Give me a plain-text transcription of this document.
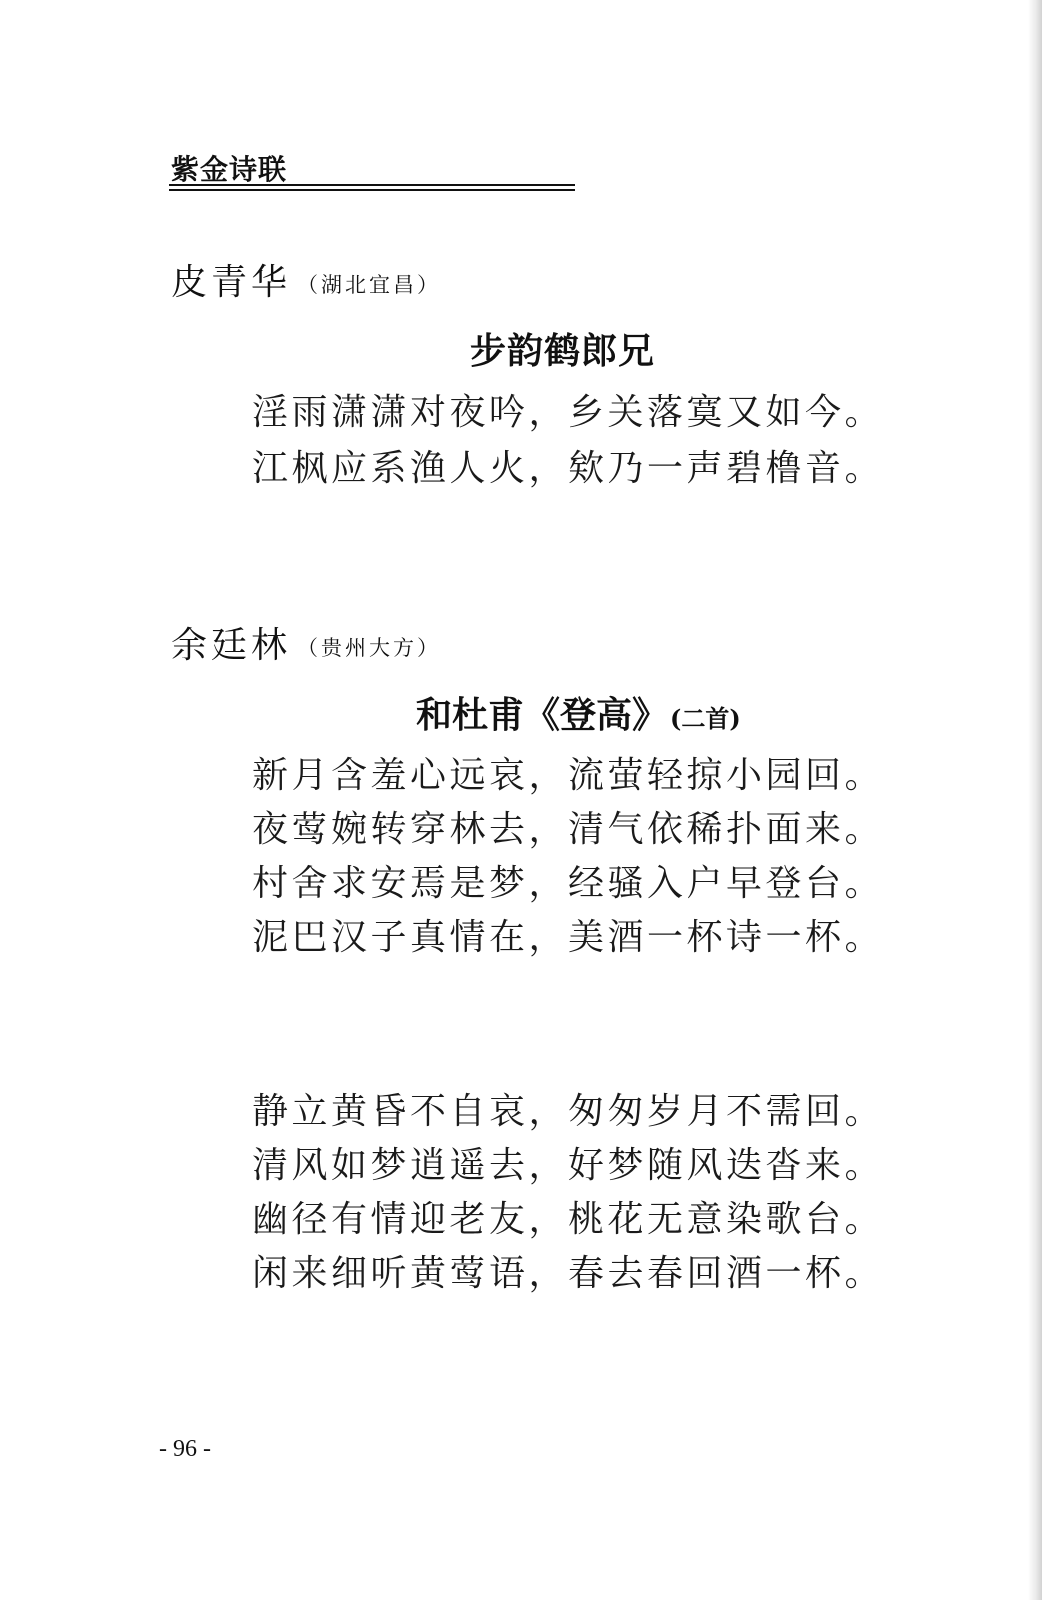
紫金诗联
皮青华 （湖北宜昌）
步韵鹤郎兄
淫雨潇潇对夜吟，乡关落寞又如今。
江枫应系渔人火，欸乃一声碧橹音。
余廷林 （贵州大方）
和杜甫《登高》(二首)
新月含羞心远哀，流萤轻掠小园回。
夜莺婉转穿林去，清气依稀扑面来。
村舍求安焉是梦，经骚入户早登台。
泥巴汉子真情在，美酒一杯诗一杯。
静立黄昏不自哀，匆匆岁月不需回。
清风如梦逍遥去，好梦随风迭沓来。
幽径有情迎老友，桃花无意染歌台。
闲来细听黄莺语，春去春回酒一杯。
- 96 -
